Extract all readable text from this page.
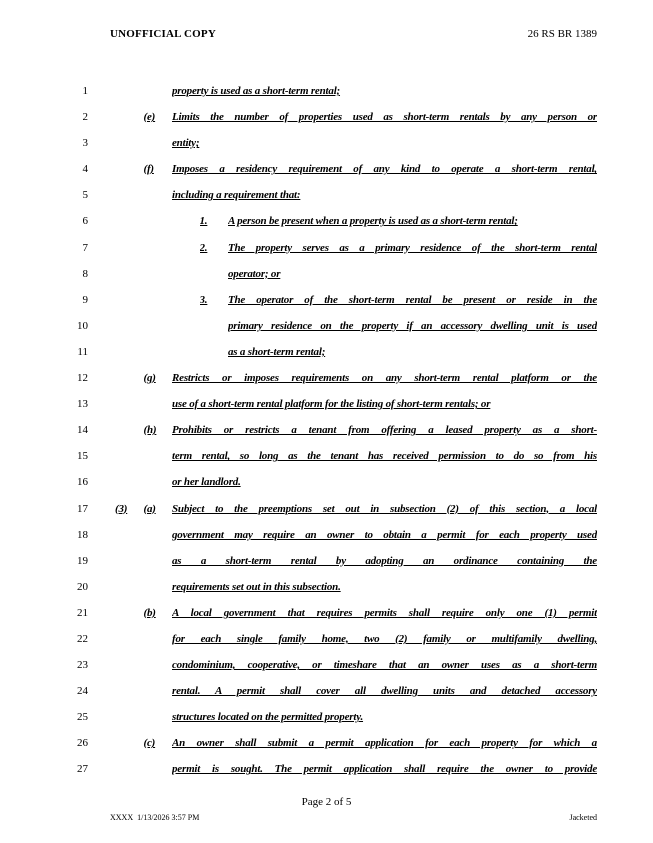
UNOFFICIAL COPY	26 RS BR 1389
1	property is used as a short-term rental;
2	(e)	Limits the number of properties used as short-term rentals by any person or
3	entity;
4	(f)	Imposes a residency requirement of any kind to operate a short-term rental,
5	including a requirement that:
6	1.	A person be present when a property is used as a short-term rental;
7	2.	The property serves as a primary residence of the short-term rental
8	operator; or
9	3.	The operator of the short-term rental be present or reside in the
10	primary residence on the property if an accessory dwelling unit is used
11	as a short-term rental;
12	(g)	Restricts or imposes requirements on any short-term rental platform or the
13	use of a short-term rental platform for the listing of short-term rentals; or
14	(h)	Prohibits or restricts a tenant from offering a leased property as a short-
15	term rental, so long as the tenant has received permission to do so from his
16	or her landlord.
17 (3)	(a)	Subject to the preemptions set out in subsection (2) of this section, a local
18	government may require an owner to obtain a permit for each property used
19	as a short-term rental by adopting an ordinance containing the
20	requirements set out in this subsection.
21	(b)	A local government that requires permits shall require only one (1) permit
22	for each single family home, two (2) family or multifamily dwelling,
23	condominium, cooperative, or timeshare that an owner uses as a short-term
24	rental. A permit shall cover all dwelling units and detached accessory
25	structures located on the permitted property.
26	(c)	An owner shall submit a permit application for each property for which a
27	permit is sought. The permit application shall require the owner to provide
Page 2 of 5
XXXX  1/13/2026 3:57 PM	Jacketed
